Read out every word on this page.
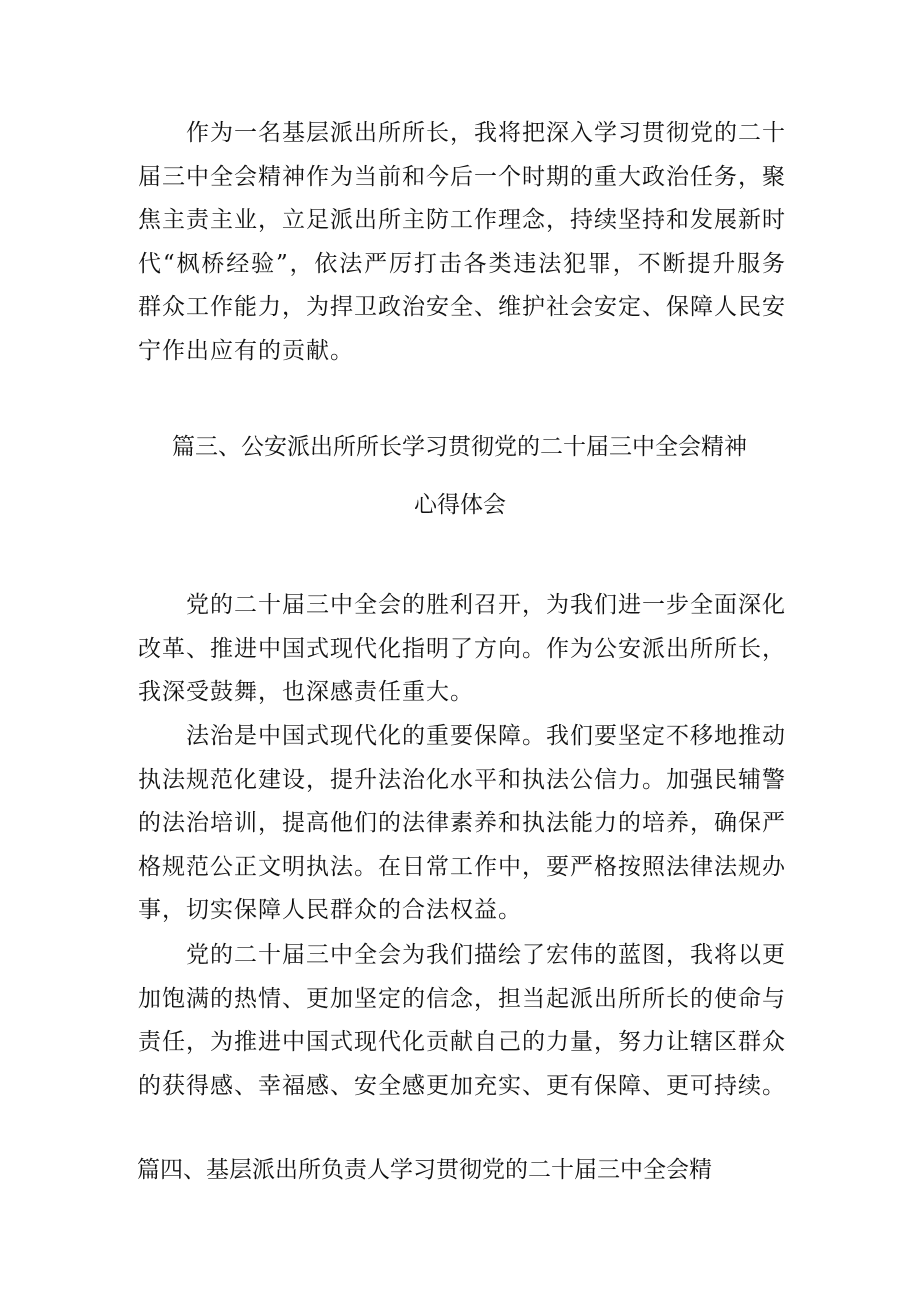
作为一名基层派出所所长，我将把深入学习贯彻党的二十届三中全会精神作为当前和今后一个时期的重大政治任务，聚焦主责主业，立足派出所主防工作理念，持续坚持和发展新时代“枫桥经验”，依法严厉打击各类违法犯罪，不断提升服务群众工作能力，为捍卫政治安全、维护社会安定、保障人民安宁作出应有的贡献。

篇三、公安派出所所长学习贯彻党的二十届三中全会精神
心得体会

党的二十届三中全会的胜利召开，为我们进一步全面深化改革、推进中国式现代化指明了方向。作为公安派出所所长，我深受鼓舞，也深感责任重大。

法治是中国式现代化的重要保障。我们要坚定不移地推动执法规范化建设，提升法治化水平和执法公信力。加强民辅警的法治培训，提高他们的法律素养和执法能力的培养，确保严格规范公正文明执法。在日常工作中，要严格按照法律法规办事，切实保障人民群众的合法权益。

党的二十届三中全会为我们描绘了宏伟的蓝图，我将以更加饱满的热情、更加坚定的信念，担当起派出所所长的使命与责任，为推进中国式现代化贡献自己的力量，努力让辖区群众的获得感、幸福感、安全感更加充实、更有保障、更可持续。

篇四、基层派出所负责人学习贯彻党的二十届三中全会精
